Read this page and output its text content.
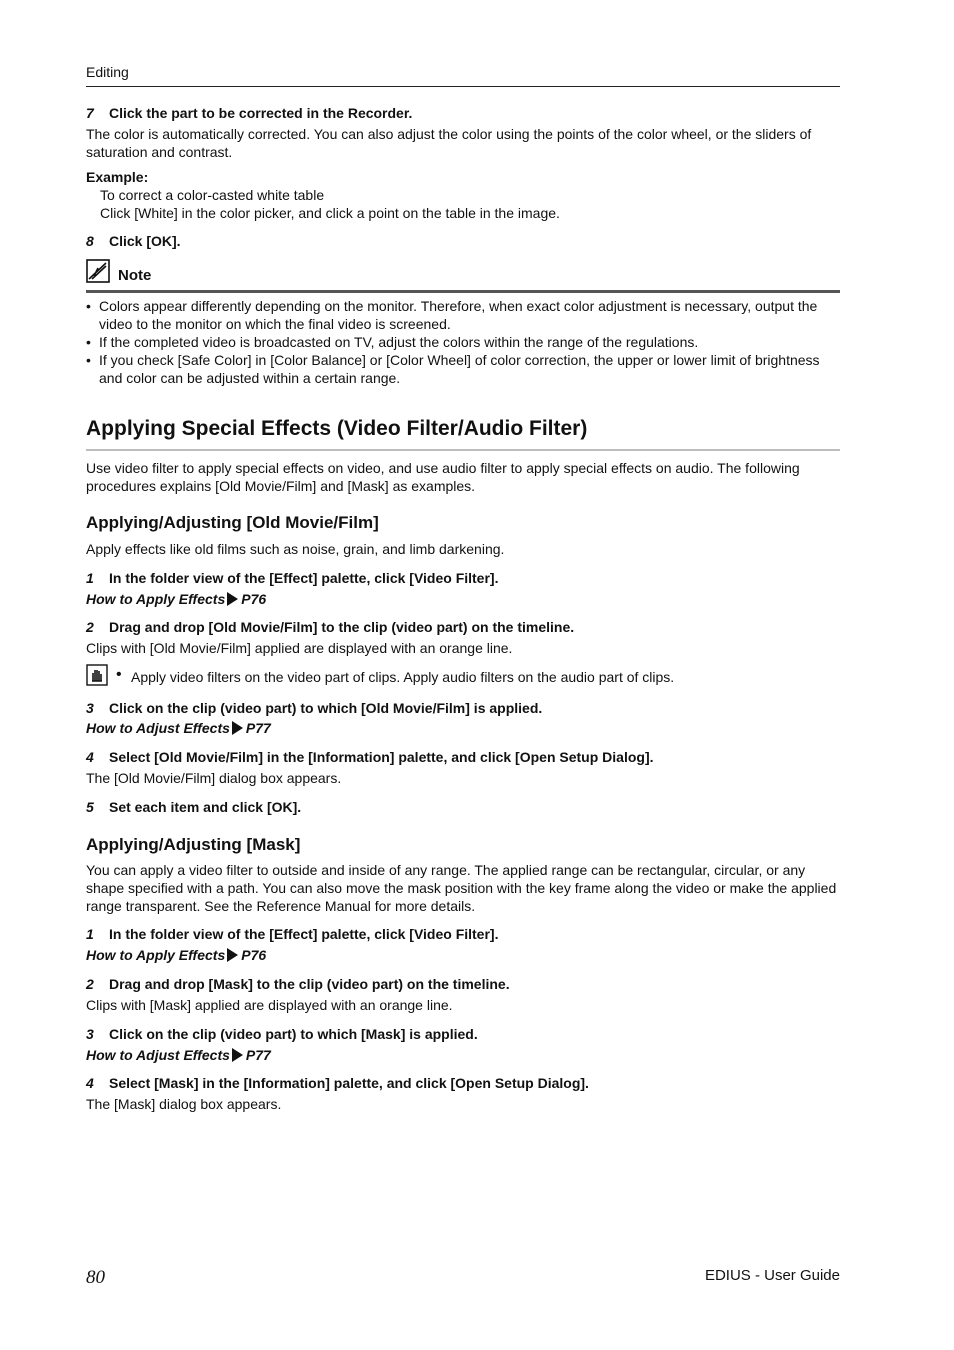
Editing
7 Click the part to be corrected in the Recorder.
The color is automatically corrected. You can also adjust the color using the points of the color wheel, or the sliders of saturation and contrast.
Example:
To correct a color-casted white table
Click [White] in the color picker, and click a point on the table in the image.
8 Click [OK].
Note
• Colors appear differently depending on the monitor. Therefore, when exact color adjustment is necessary, output the video to the monitor on which the final video is screened.
• If the completed video is broadcasted on TV, adjust the colors within the range of the regulations.
• If you check [Safe Color] in [Color Balance] or [Color Wheel] of color correction, the upper or lower limit of brightness and color can be adjusted within a certain range.
Applying Special Effects (Video Filter/Audio Filter)
Use video filter to apply special effects on video, and use audio filter to apply special effects on audio. The following procedures explains [Old Movie/Film] and [Mask] as examples.
Applying/Adjusting [Old Movie/Film]
Apply effects like old films such as noise, grain, and limb darkening.
1 In the folder view of the [Effect] palette, click [Video Filter].
How to Apply Effects P76
2 Drag and drop [Old Movie/Film] to the clip (video part) on the timeline.
Clips with [Old Movie/Film] applied are displayed with an orange line.
• Apply video filters on the video part of clips. Apply audio filters on the audio part of clips.
3 Click on the clip (video part) to which [Old Movie/Film] is applied.
How to Adjust Effects P77
4 Select [Old Movie/Film] in the [Information] palette, and click [Open Setup Dialog].
The [Old Movie/Film] dialog box appears.
5 Set each item and click [OK].
Applying/Adjusting [Mask]
You can apply a video filter to outside and inside of any range. The applied range can be rectangular, circular, or any shape specified with a path. You can also move the mask position with the key frame along the video or make the applied range transparent. See the Reference Manual for more details.
1 In the folder view of the [Effect] palette, click [Video Filter].
How to Apply Effects P76
2 Drag and drop [Mask] to the clip (video part) on the timeline.
Clips with [Mask] applied are displayed with an orange line.
3 Click on the clip (video part) to which [Mask] is applied.
How to Adjust Effects P77
4 Select [Mask] in the [Information] palette, and click [Open Setup Dialog].
The [Mask] dialog box appears.
80	EDIUS - User Guide
